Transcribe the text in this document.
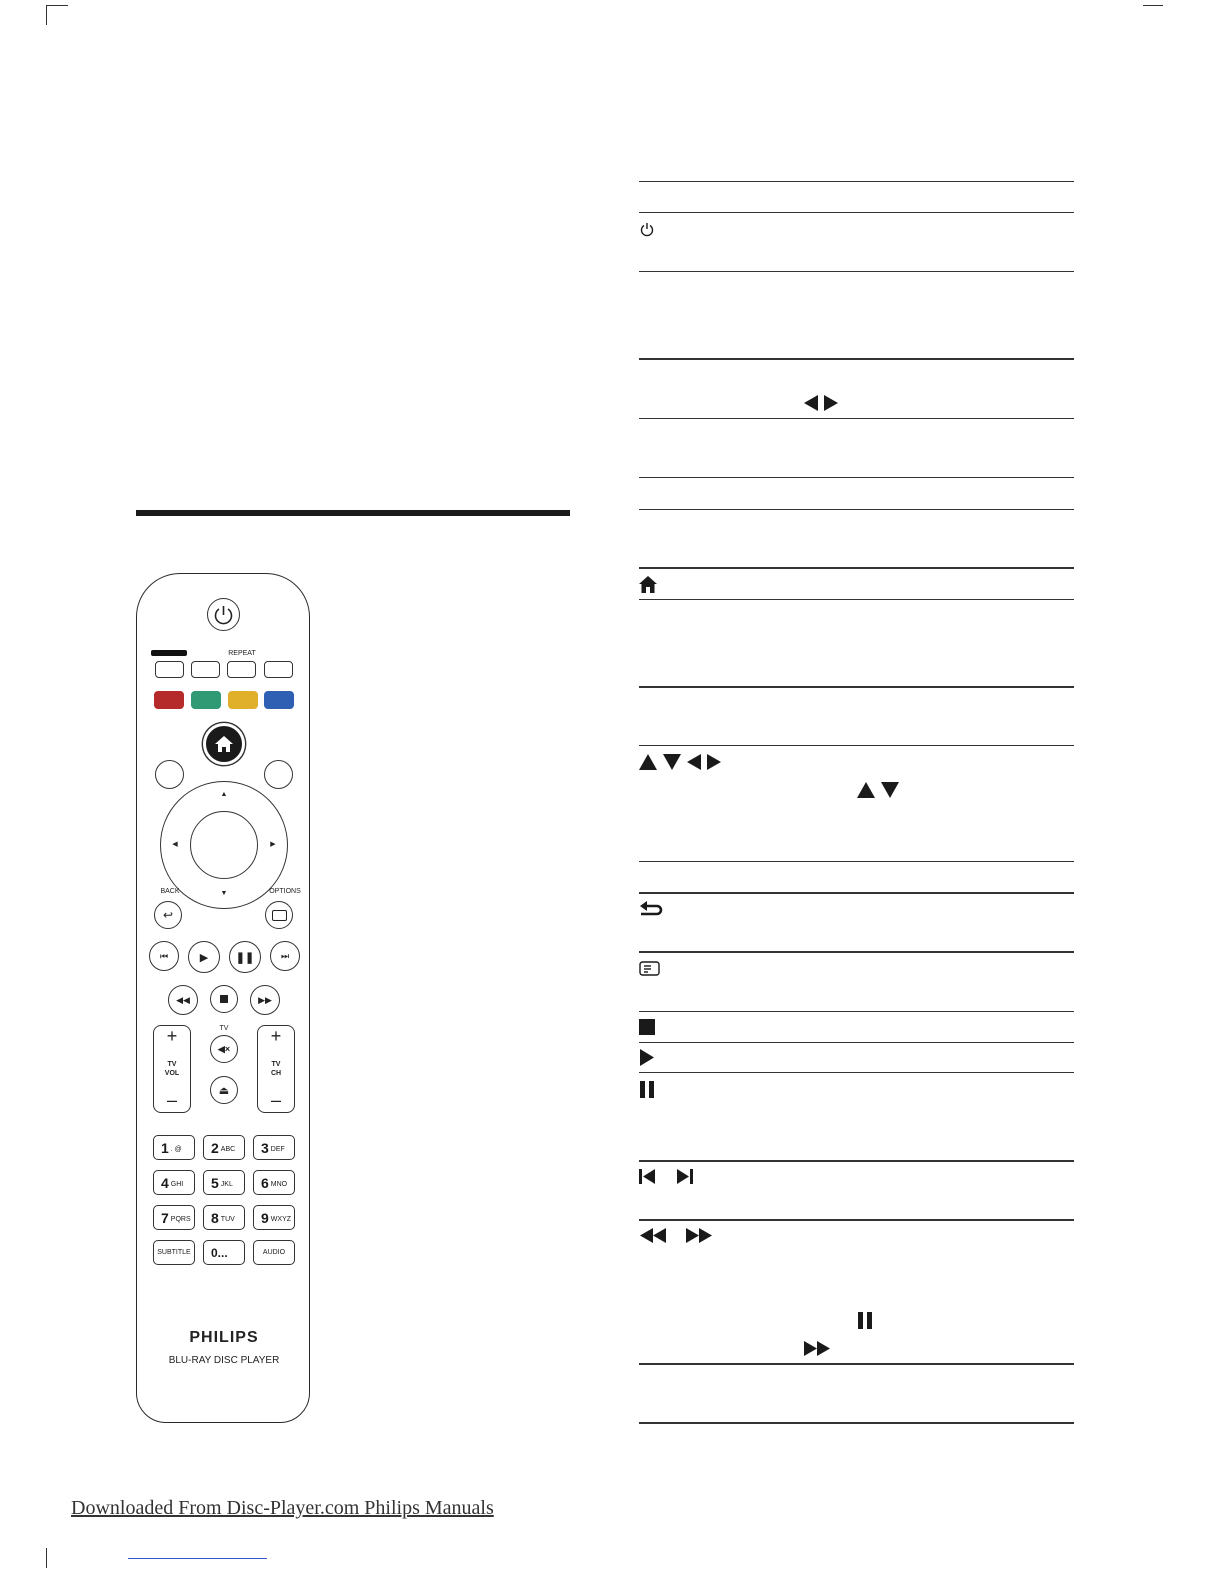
REPEAT
▲
▼
◀	▶
BACK	OPTIONS
↩
⏮	▶	❚❚	⏭
◀◀	▶▶
+
TV
VOL
–
TV
◀×
⏏
+
TV
CH
–
1 . @ 2 ABC 3 DEF
4 GHI 5 JKL 6 MNO
7 PQRS 8 TUV 9 WXYZ
SUBTITLE	0...	AUDIO
PHILIPS
BLU-RAY DISC PLAYER
Downloaded From Disc-Player.com Philips Manuals
